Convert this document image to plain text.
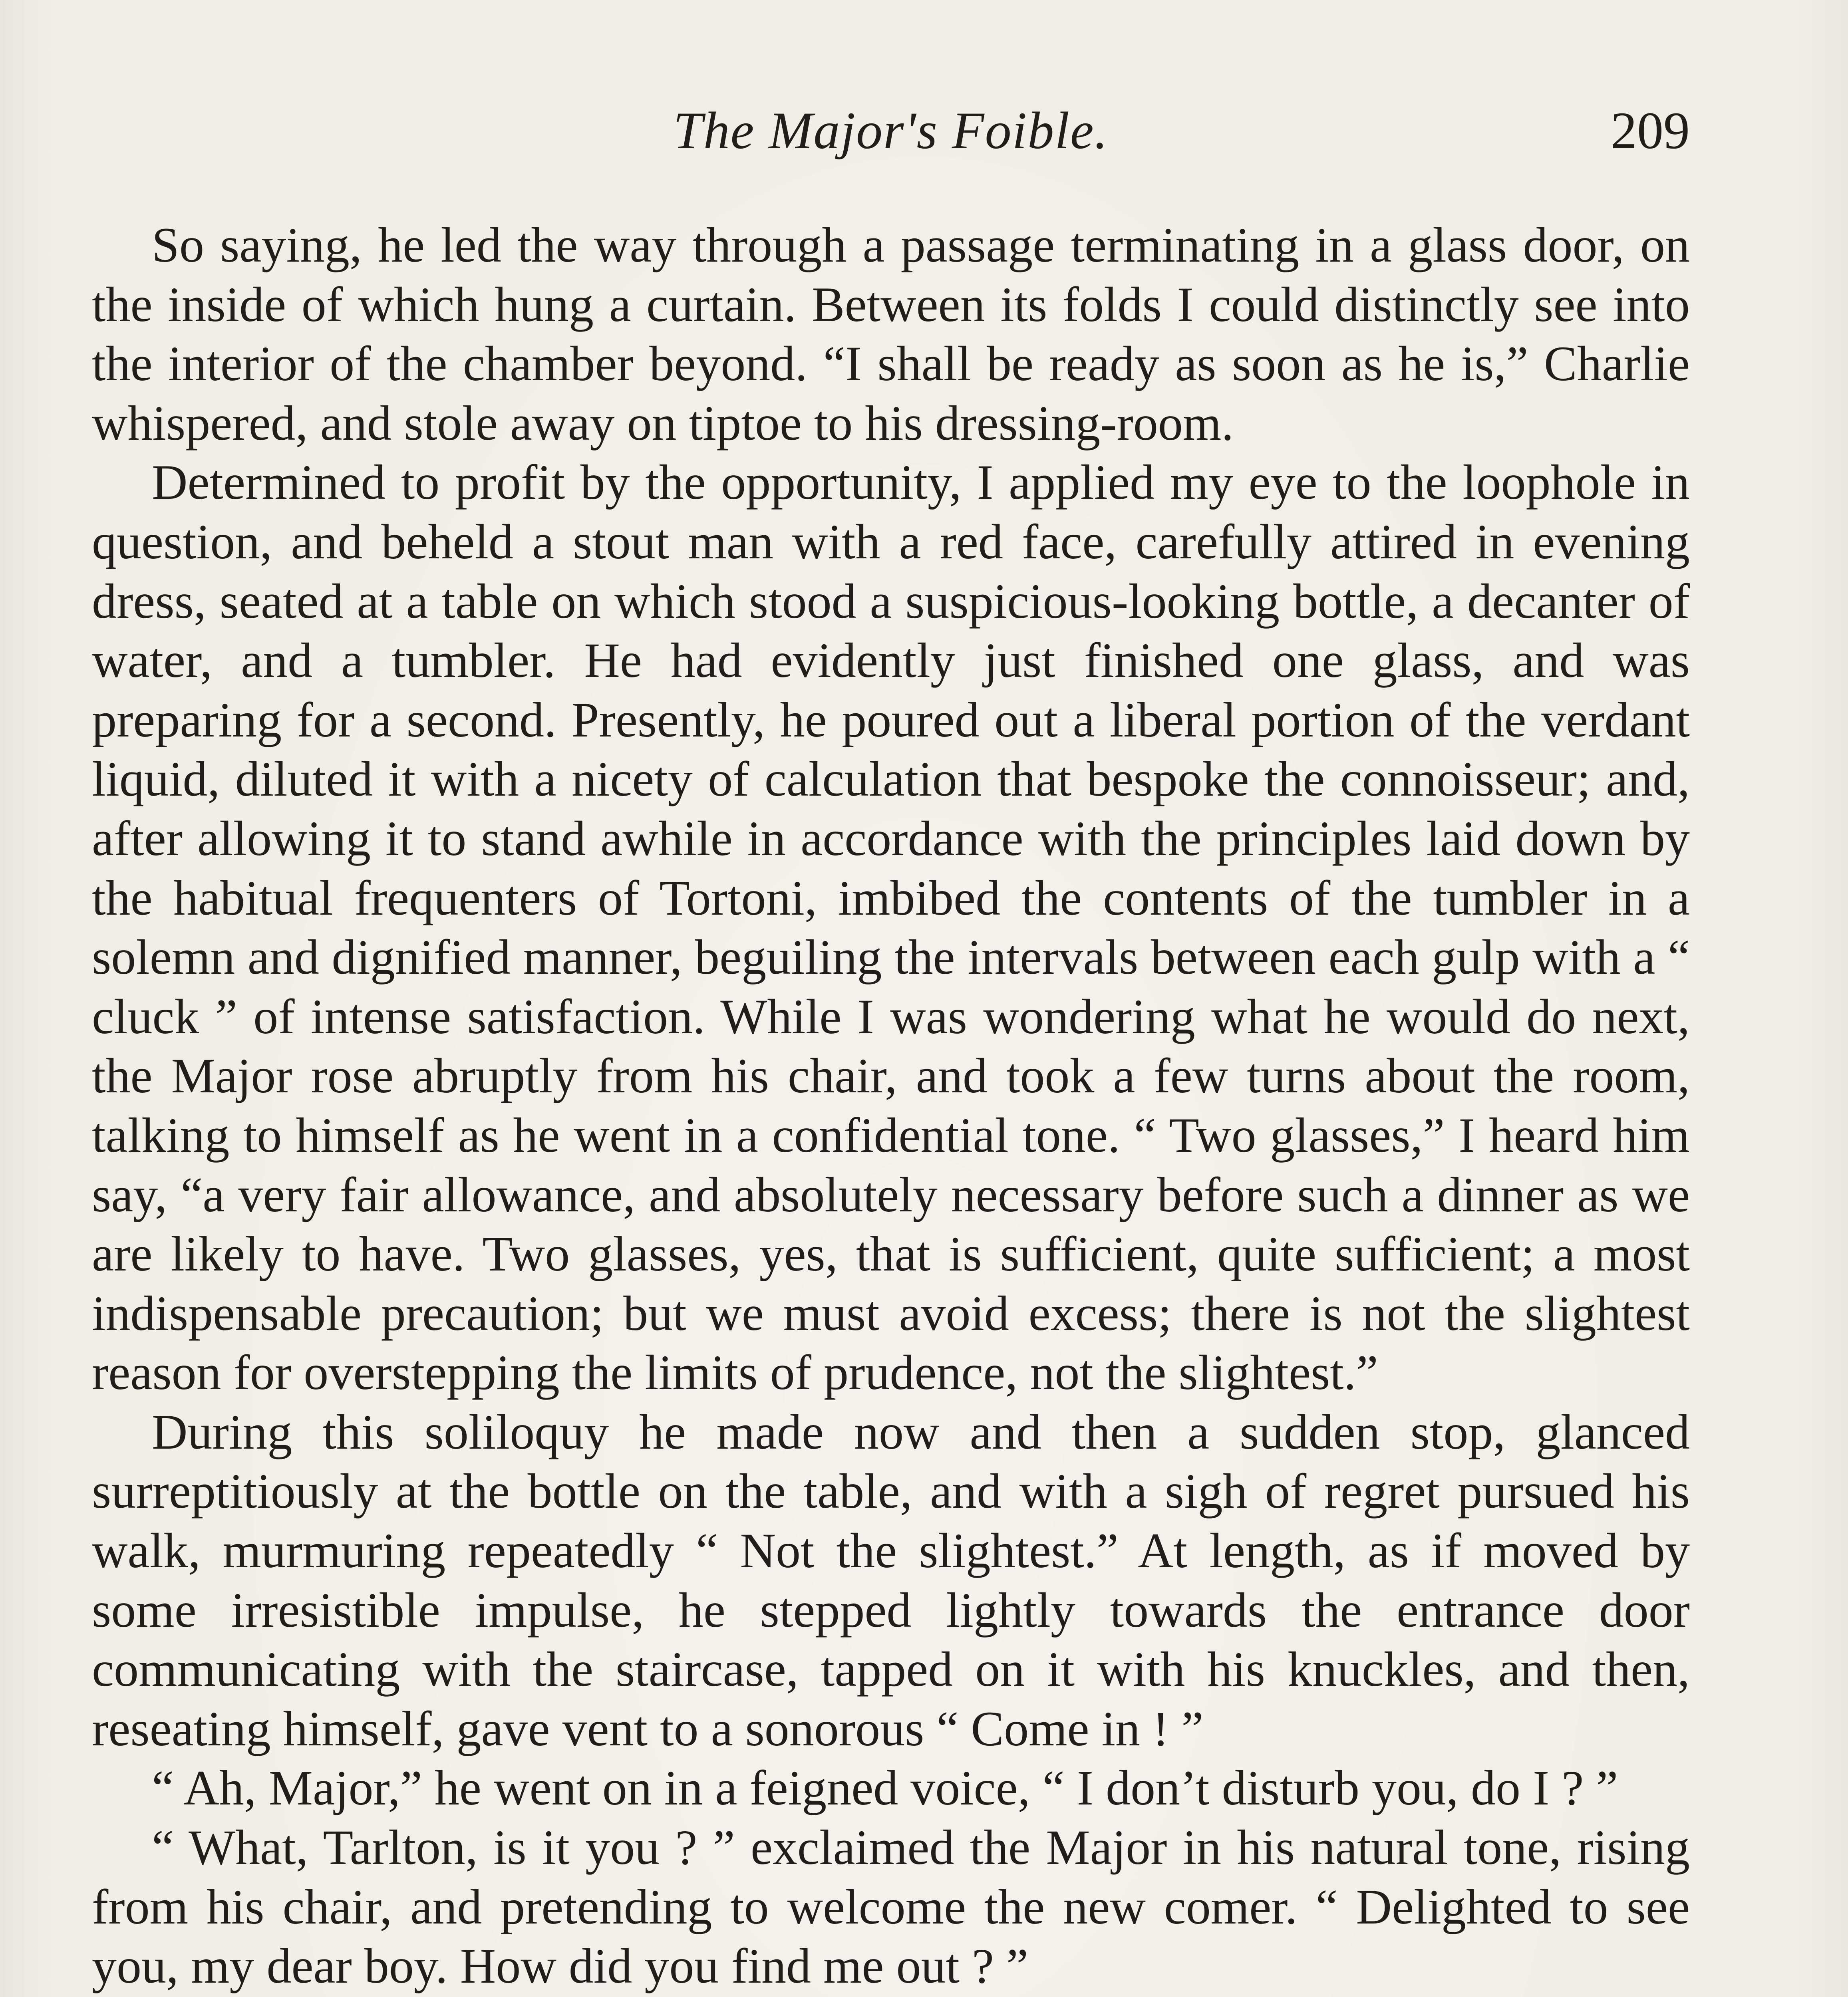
The Major's Foible.	209

So saying, he led the way through a passage terminating in a glass door, on the inside of which hung a curtain. Between its folds I could distinctly see into the interior of the chamber beyond. “I shall be ready as soon as he is,” Charlie whispered, and stole away on tiptoe to his dressing-room.

Determined to profit by the opportunity, I applied my eye to the loophole in question, and beheld a stout man with a red face, carefully attired in evening dress, seated at a table on which stood a suspicious-looking bottle, a decanter of water, and a tumbler. He had evidently just finished one glass, and was preparing for a second. Presently, he poured out a liberal portion of the verdant liquid, diluted it with a nicety of calculation that bespoke the connoisseur; and, after allowing it to stand awhile in accordance with the principles laid down by the habitual frequenters of Tortoni, imbibed the contents of the tumbler in a solemn and dignified manner, beguiling the intervals between each gulp with a “ cluck ” of intense satisfaction. While I was wondering what he would do next, the Major rose abruptly from his chair, and took a few turns about the room, talking to himself as he went in a confidential tone. “ Two glasses,” I heard him say, “a very fair allowance, and absolutely necessary before such a dinner as we are likely to have. Two glasses, yes, that is sufficient, quite sufficient; a most indispensable precaution; but we must avoid excess; there is not the slightest reason for overstepping the limits of prudence, not the slightest.”

During this soliloquy he made now and then a sudden stop, glanced surreptitiously at the bottle on the table, and with a sigh of regret pursued his walk, murmuring repeatedly “ Not the slightest.” At length, as if moved by some irresistible impulse, he stepped lightly towards the entrance door communicating with the staircase, tapped on it with his knuckles, and then, reseating himself, gave vent to a sonorous “ Come in ! ”

“ Ah, Major,” he went on in a feigned voice, “ I don’t disturb you, do I ? ”

“ What, Tarlton, is it you ? ” exclaimed the Major in his natural tone, rising from his chair, and pretending to welcome the new comer. “ Delighted to see you, my dear boy. How did you find me out ? ”
